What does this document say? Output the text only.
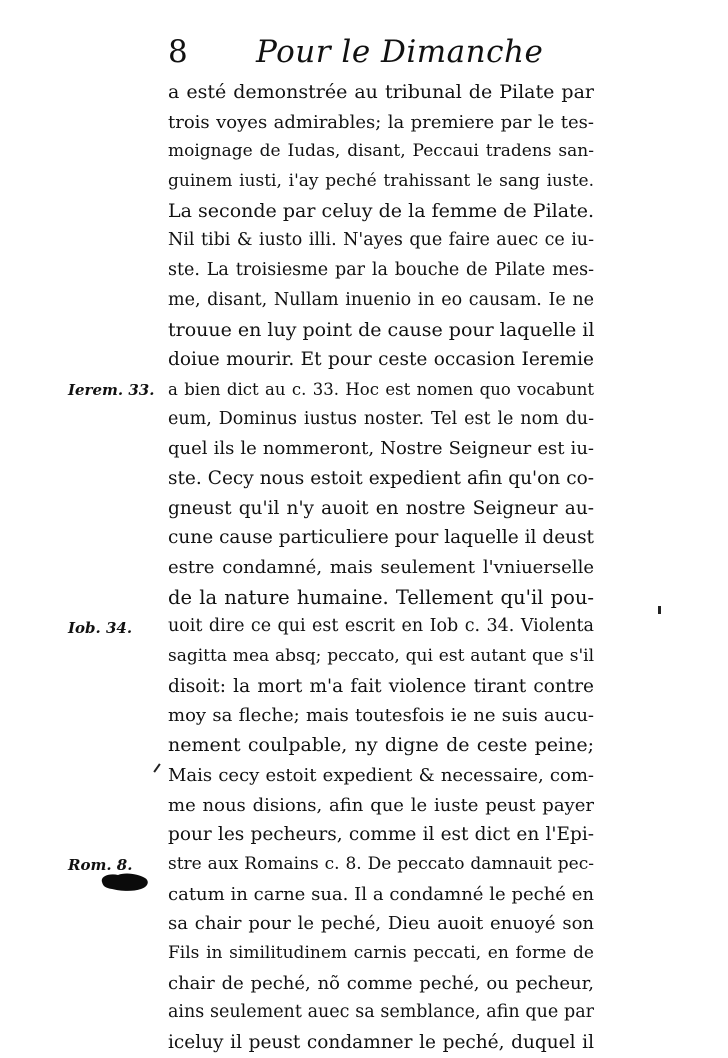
8 Pour le Dimanche
a esté demonstrée au tribunal de Pilate par
trois voyes admirables; la premiere par le tes-
moignage de Iudas, disant, Peccaui tradens san-
guinem iusti, i'ay peché trahissant le sang iuste.
La seconde par celuy de la femme de Pilate.
Nil tibi & iusto illi. N'ayes que faire auec ce iu-
ste. La troisiesme par la bouche de Pilate mes-
me, disant, Nullam inuenio in eo causam. Ie ne
trouue en luy point de cause pour laquelle il
doiue mourir. Et pour ceste occasion Ieremie
a bien dict au c. 33. Hoc est nomen quo vocabunt
eum, Dominus iustus noster. Tel est le nom du-
quel ils le nommeront, Nostre Seigneur est iu-
ste. Cecy nous estoit expedient afin qu'on co-
gneust qu'il n'y auoit en nostre Seigneur au-
cune cause particuliere pour laquelle il deust
estre condamné, mais seulement l'vniuerselle
de la nature humaine. Tellement qu'il pou-
uoit dire ce qui est escrit en Iob c. 34. Violenta
sagitta mea absq; peccato, qui est autant que s'il
disoit: la mort m'a fait violence tirant contre
moy sa fleche; mais toutesfois ie ne suis aucu-
nement coulpable, ny digne de ceste peine;
Mais cecy estoit expedient & necessaire, com-
me nous disions, afin que le iuste peust payer
pour les pecheurs, comme il est dict en l'Epi-
stre aux Romains c. 8. De peccato damnauit pec-
catum in carne sua. Il a condamné le peché en
sa chair pour le peché, Dieu auoit enuoyé son
Fils in similitudinem carnis peccati, en forme de
chair de peché, nõ comme peché, ou pecheur,
ains seulement auec sa semblance, afin que par
iceluy il peust condamner le peché, duquel il
Ierem. 33.
Iob. 34.
Rom. 8.
